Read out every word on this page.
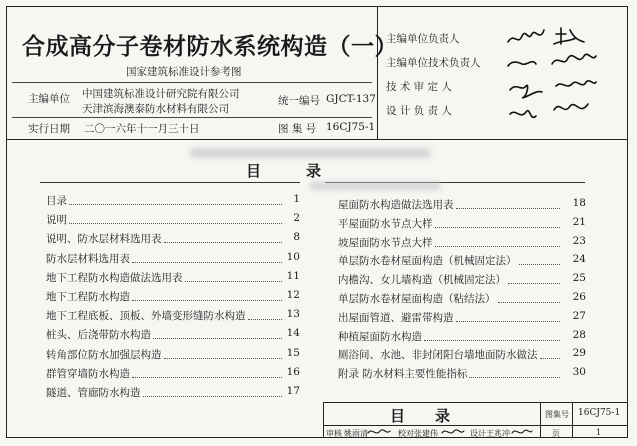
合成高分子卷材防水系统构造（一）
国家建筑标准设计参考图
主编单位 中国建筑标准设计研究院有限公司
天津滨海澳泰防水材料有限公司
统一编号 GJCT-137
实行日期 二〇一六年十一月三十日	图 集 号 16CJ75-1
主编单位负责人
主编单位技术负责人
技 术 审 定 人
设 计 负 责 人
目　　　录
目录	1
说明	2
说明、防水层材料选用表	8
防水层材料选用表	10
地下工程防水构造做法选用表	11
地下工程防水构造	12
地下工程底板、顶板、外墙变形缝防水构造	13
桩头、后浇带防水构造	14
转角部位防水加强层构造	15
群管穿墙防水构造	16
隧道、管廊防水构造	17
屋面防水构造做法选用表	18
平屋面防水节点大样	21
坡屋面防水节点大样	23
单层防水卷材屋面构造（机械固定法）	24
内檐沟、女儿墙构造（机械固定法）	25
单层防水卷材屋面构造（粘结法）	26
出屋面管道、避雷带构造	27
种植屋面防水构造	28
厕浴间、水池、非封闭阳台墙地面防水做法	29
附录 防水材料主要性能指标	30
目　　录	图集号 16CJ75-1
审核 姚雨清	校对 张建伟	设计 王兆冲	页	1
